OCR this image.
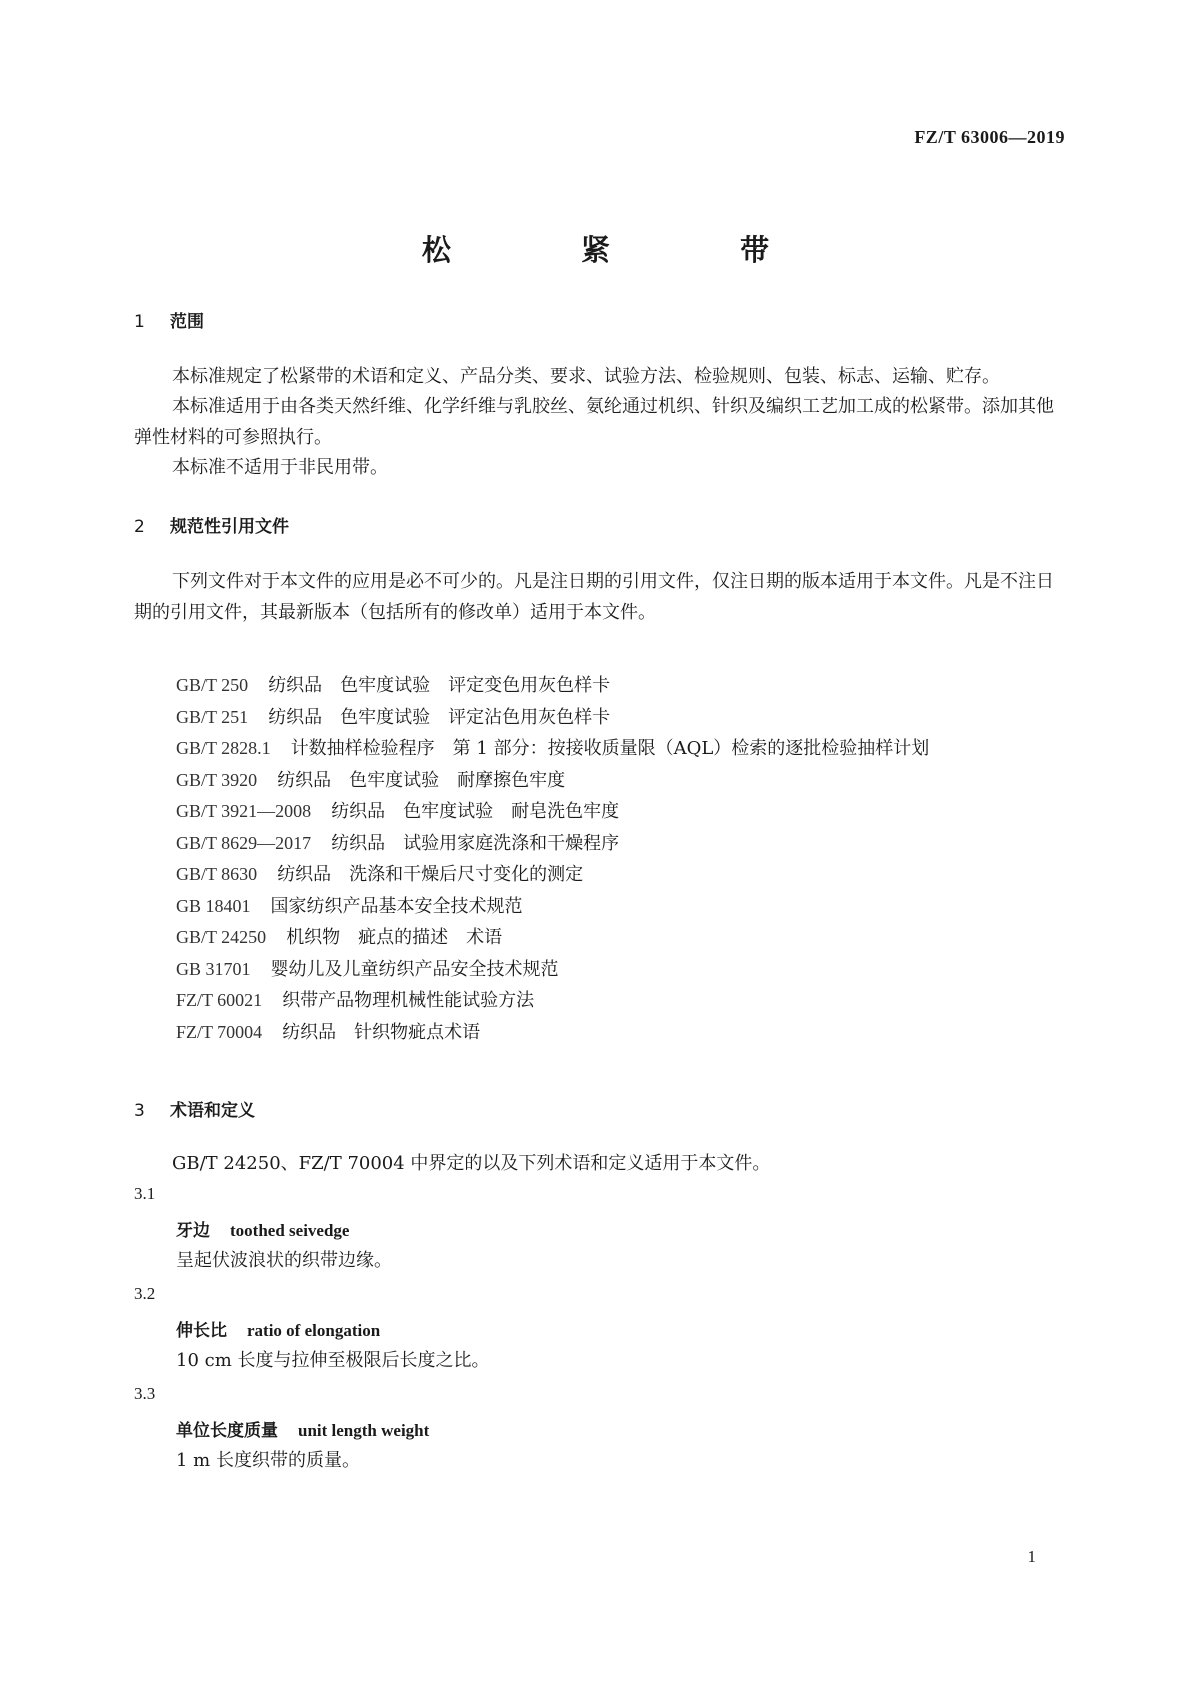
FZ/T 63006—2019
松 紧 带
1 范围
本标准规定了松紧带的术语和定义、产品分类、要求、试验方法、检验规则、包装、标志、运输、贮存。
本标准适用于由各类天然纤维、化学纤维与乳胶丝、氨纶通过机织、针织及编织工艺加工成的松紧带。添加其他弹性材料的可参照执行。
本标准不适用于非民用带。
2 规范性引用文件
下列文件对于本文件的应用是必不可少的。凡是注日期的引用文件，仅注日期的版本适用于本文件。凡是不注日期的引用文件，其最新版本（包括所有的修改单）适用于本文件。
GB/T 250 纺织品　色牢度试验　评定变色用灰色样卡
GB/T 251 纺织品　色牢度试验　评定沾色用灰色样卡
GB/T 2828.1 计数抽样检验程序　第 1 部分：按接收质量限（AQL）检索的逐批检验抽样计划
GB/T 3920 纺织品　色牢度试验　耐摩擦色牢度
GB/T 3921—2008 纺织品　色牢度试验　耐皂洗色牢度
GB/T 8629—2017 纺织品　试验用家庭洗涤和干燥程序
GB/T 8630 纺织品　洗涤和干燥后尺寸变化的测定
GB 18401 国家纺织产品基本安全技术规范
GB/T 24250 机织物　疵点的描述　术语
GB 31701 婴幼儿及儿童纺织产品安全技术规范
FZ/T 60021 织带产品物理机械性能试验方法
FZ/T 70004 纺织品　针织物疵点术语
3 术语和定义
GB/T 24250、FZ/T 70004 中界定的以及下列术语和定义适用于本文件。
3.1
牙边 toothed seivedge
呈起伏波浪状的织带边缘。
3.2
伸长比 ratio of elongation
10 cm 长度与拉伸至极限后长度之比。
3.3
单位长度质量 unit length weight
1 m 长度织带的质量。
1
